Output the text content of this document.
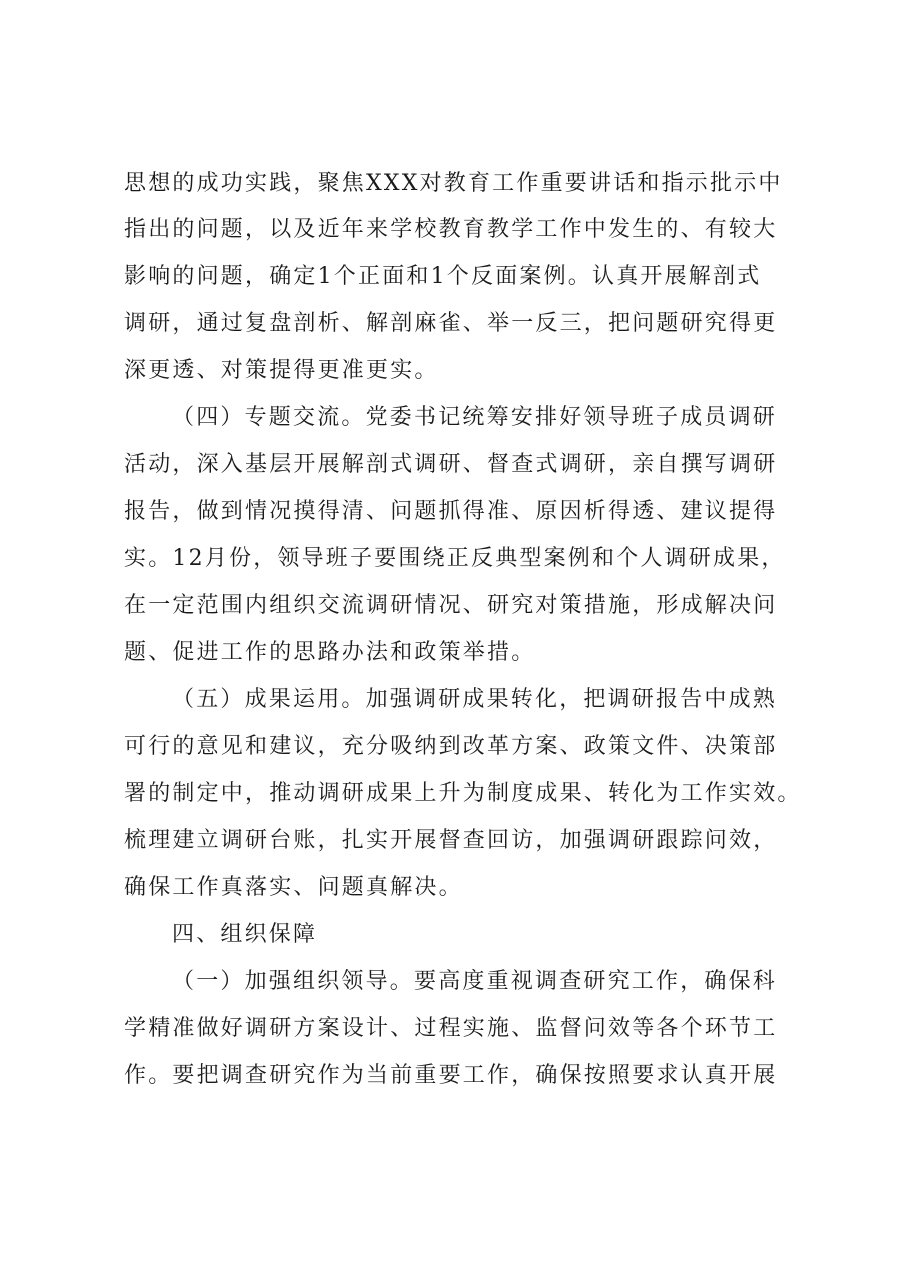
思想的成功实践，聚焦XXX对教育工作重要讲话和指示批示中
指出的问题，以及近年来学校教育教学工作中发生的、有较大
影响的问题，确定1个正面和1个反面案例。认真开展解剖式
调研，通过复盘剖析、解剖麻雀、举一反三，把问题研究得更
深更透、对策提得更准更实。
（四）专题交流。党委书记统筹安排好领导班子成员调研
活动，深入基层开展解剖式调研、督查式调研，亲自撰写调研
报告，做到情况摸得清、问题抓得准、原因析得透、建议提得
实。12月份，领导班子要围绕正反典型案例和个人调研成果，
在一定范围内组织交流调研情况、研究对策措施，形成解决问
题、促进工作的思路办法和政策举措。
（五）成果运用。加强调研成果转化，把调研报告中成熟
可行的意见和建议，充分吸纳到改革方案、政策文件、决策部
署的制定中，推动调研成果上升为制度成果、转化为工作实效。
梳理建立调研台账，扎实开展督查回访，加强调研跟踪问效，
确保工作真落实、问题真解决。
四、组织保障
（一）加强组织领导。要高度重视调查研究工作，确保科
学精准做好调研方案设计、过程实施、监督问效等各个环节工
作。要把调查研究作为当前重要工作，确保按照要求认真开展
